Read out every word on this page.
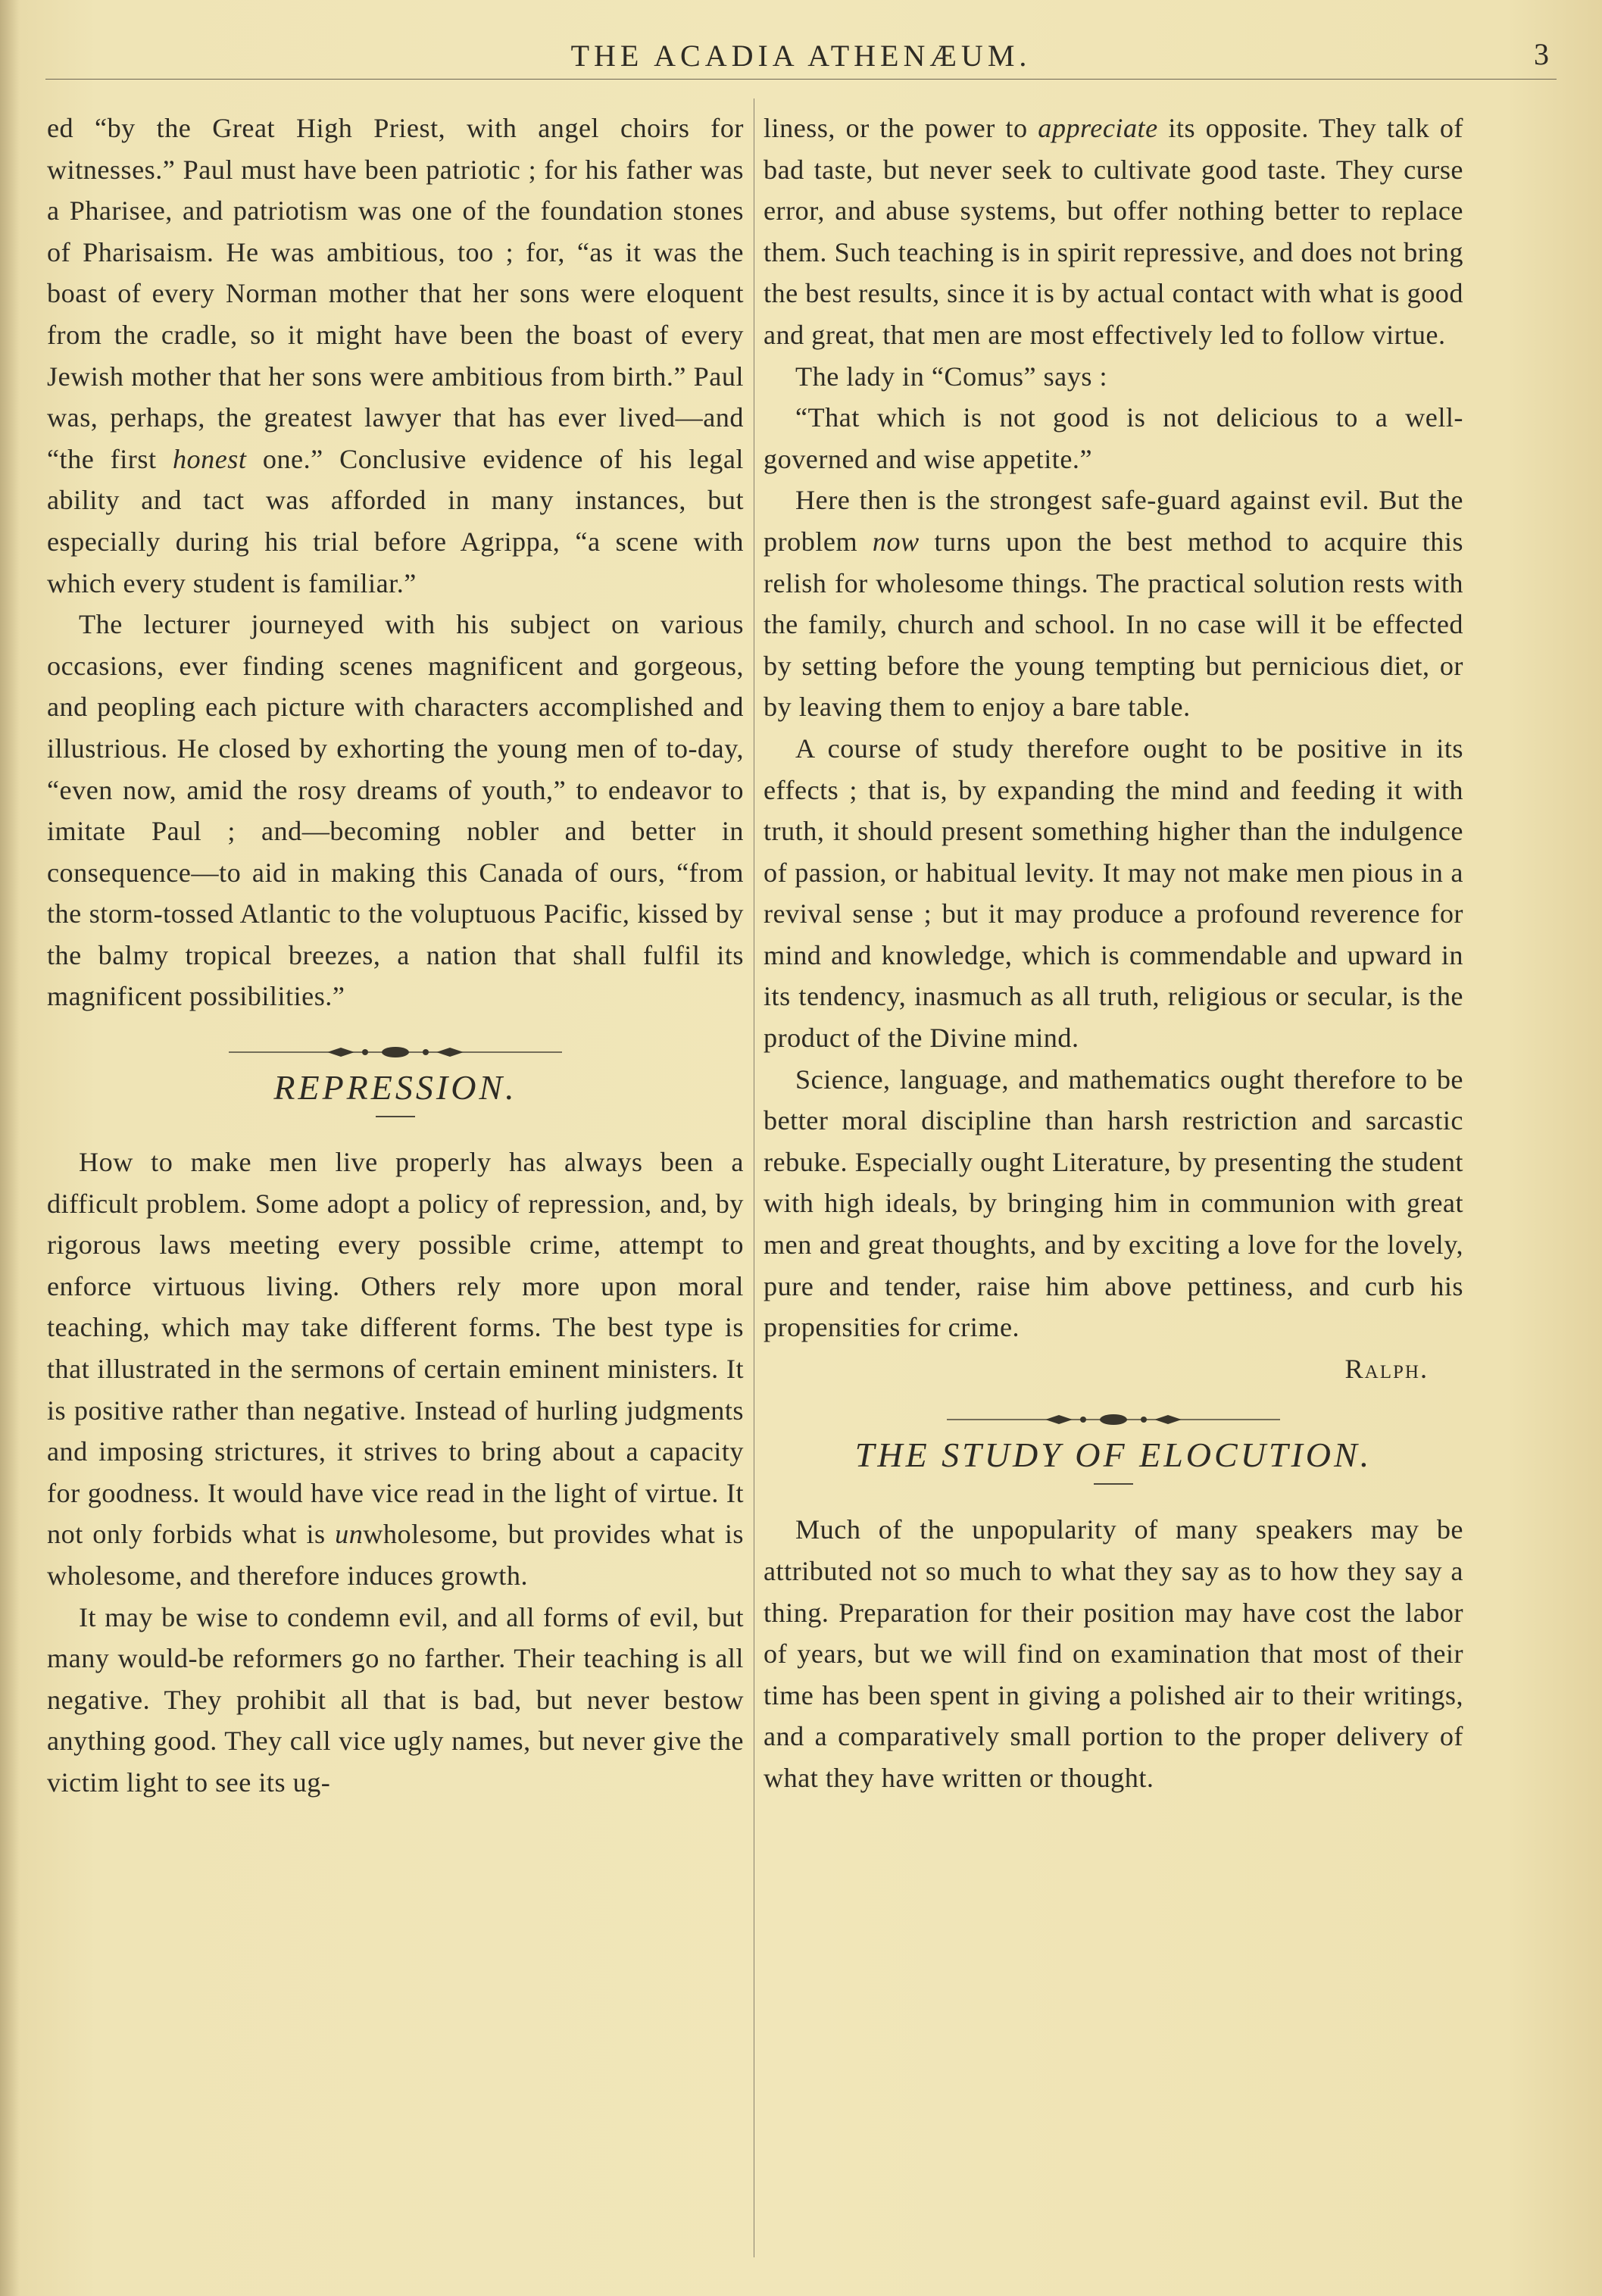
THE ACADIA ATHENÆUM.	3

ed “by the Great High Priest, with angel choirs for witnesses.” Paul must have been patriotic ; for his father was a Pharisee, and patriotism was one of the foundation stones of Pharisaism. He was ambitious, too ; for, “as it was the boast of every Norman mother that her sons were eloquent from the cradle, so it might have been the boast of every Jewish mother that her sons were ambitious from birth.” Paul was, perhaps, the greatest lawyer that has ever lived—and “the first honest one.” Conclusive evidence of his legal ability and tact was afforded in many instances, but especially during his trial before Agrippa, “a scene with which every student is familiar.”

The lecturer journeyed with his subject on various occasions, ever finding scenes magnificent and gorgeous, and peopling each picture with characters accomplished and illustrious. He closed by exhorting the young men of to-day, “even now, amid the rosy dreams of youth,” to endeavor to imitate Paul ; and—becoming nobler and better in consequence—to aid in making this Canada of ours, “from the storm-tossed Atlantic to the voluptuous Pacific, kissed by the balmy tropical breezes, a nation that shall fulfil its magnificent possibilities.”

REPRESSION.

How to make men live properly has always been a difficult problem. Some adopt a policy of repression, and, by rigorous laws meeting every possible crime, attempt to enforce virtuous living. Others rely more upon moral teaching, which may take different forms. The best type is that illustrated in the sermons of certain eminent ministers. It is positive rather than negative. Instead of hurling judgments and imposing strictures, it strives to bring about a capacity for goodness. It would have vice read in the light of virtue. It not only forbids what is unwholesome, but provides what is wholesome, and therefore induces growth.

It may be wise to condemn evil, and all forms of evil, but many would-be reformers go no farther. Their teaching is all negative. They prohibit all that is bad, but never bestow anything good. They call vice ugly names, but never give the victim light to see its ug-

liness, or the power to appreciate its opposite. They talk of bad taste, but never seek to cultivate good taste. They curse error, and abuse systems, but offer nothing better to replace them. Such teaching is in spirit repressive, and does not bring the best results, since it is by actual contact with what is good and great, that men are most effectively led to follow virtue.

The lady in “Comus” says :

“That which is not good is not delicious to a well-governed and wise appetite.”

Here then is the strongest safe-guard against evil. But the problem now turns upon the best method to acquire this relish for wholesome things. The practical solution rests with the family, church and school. In no case will it be effected by setting before the young tempting but pernicious diet, or by leaving them to enjoy a bare table.

A course of study therefore ought to be positive in its effects ; that is, by expanding the mind and feeding it with truth, it should present something higher than the indulgence of passion, or habitual levity. It may not make men pious in a revival sense ; but it may produce a profound reverence for mind and knowledge, which is commendable and upward in its tendency, inasmuch as all truth, religious or secular, is the product of the Divine mind.

Science, language, and mathematics ought therefore to be better moral discipline than harsh restriction and sarcastic rebuke. Especially ought Literature, by presenting the student with high ideals, by bringing him in communion with great men and great thoughts, and by exciting a love for the lovely, pure and tender, raise him above pettiness, and curb his propensities for crime.

Ralph.

THE STUDY OF ELOCUTION.

Much of the unpopularity of many speakers may be attributed not so much to what they say as to how they say a thing. Preparation for their position may have cost the labor of years, but we will find on examination that most of their time has been spent in giving a polished air to their writings, and a comparatively small portion to the proper delivery of what they have written or thought.
